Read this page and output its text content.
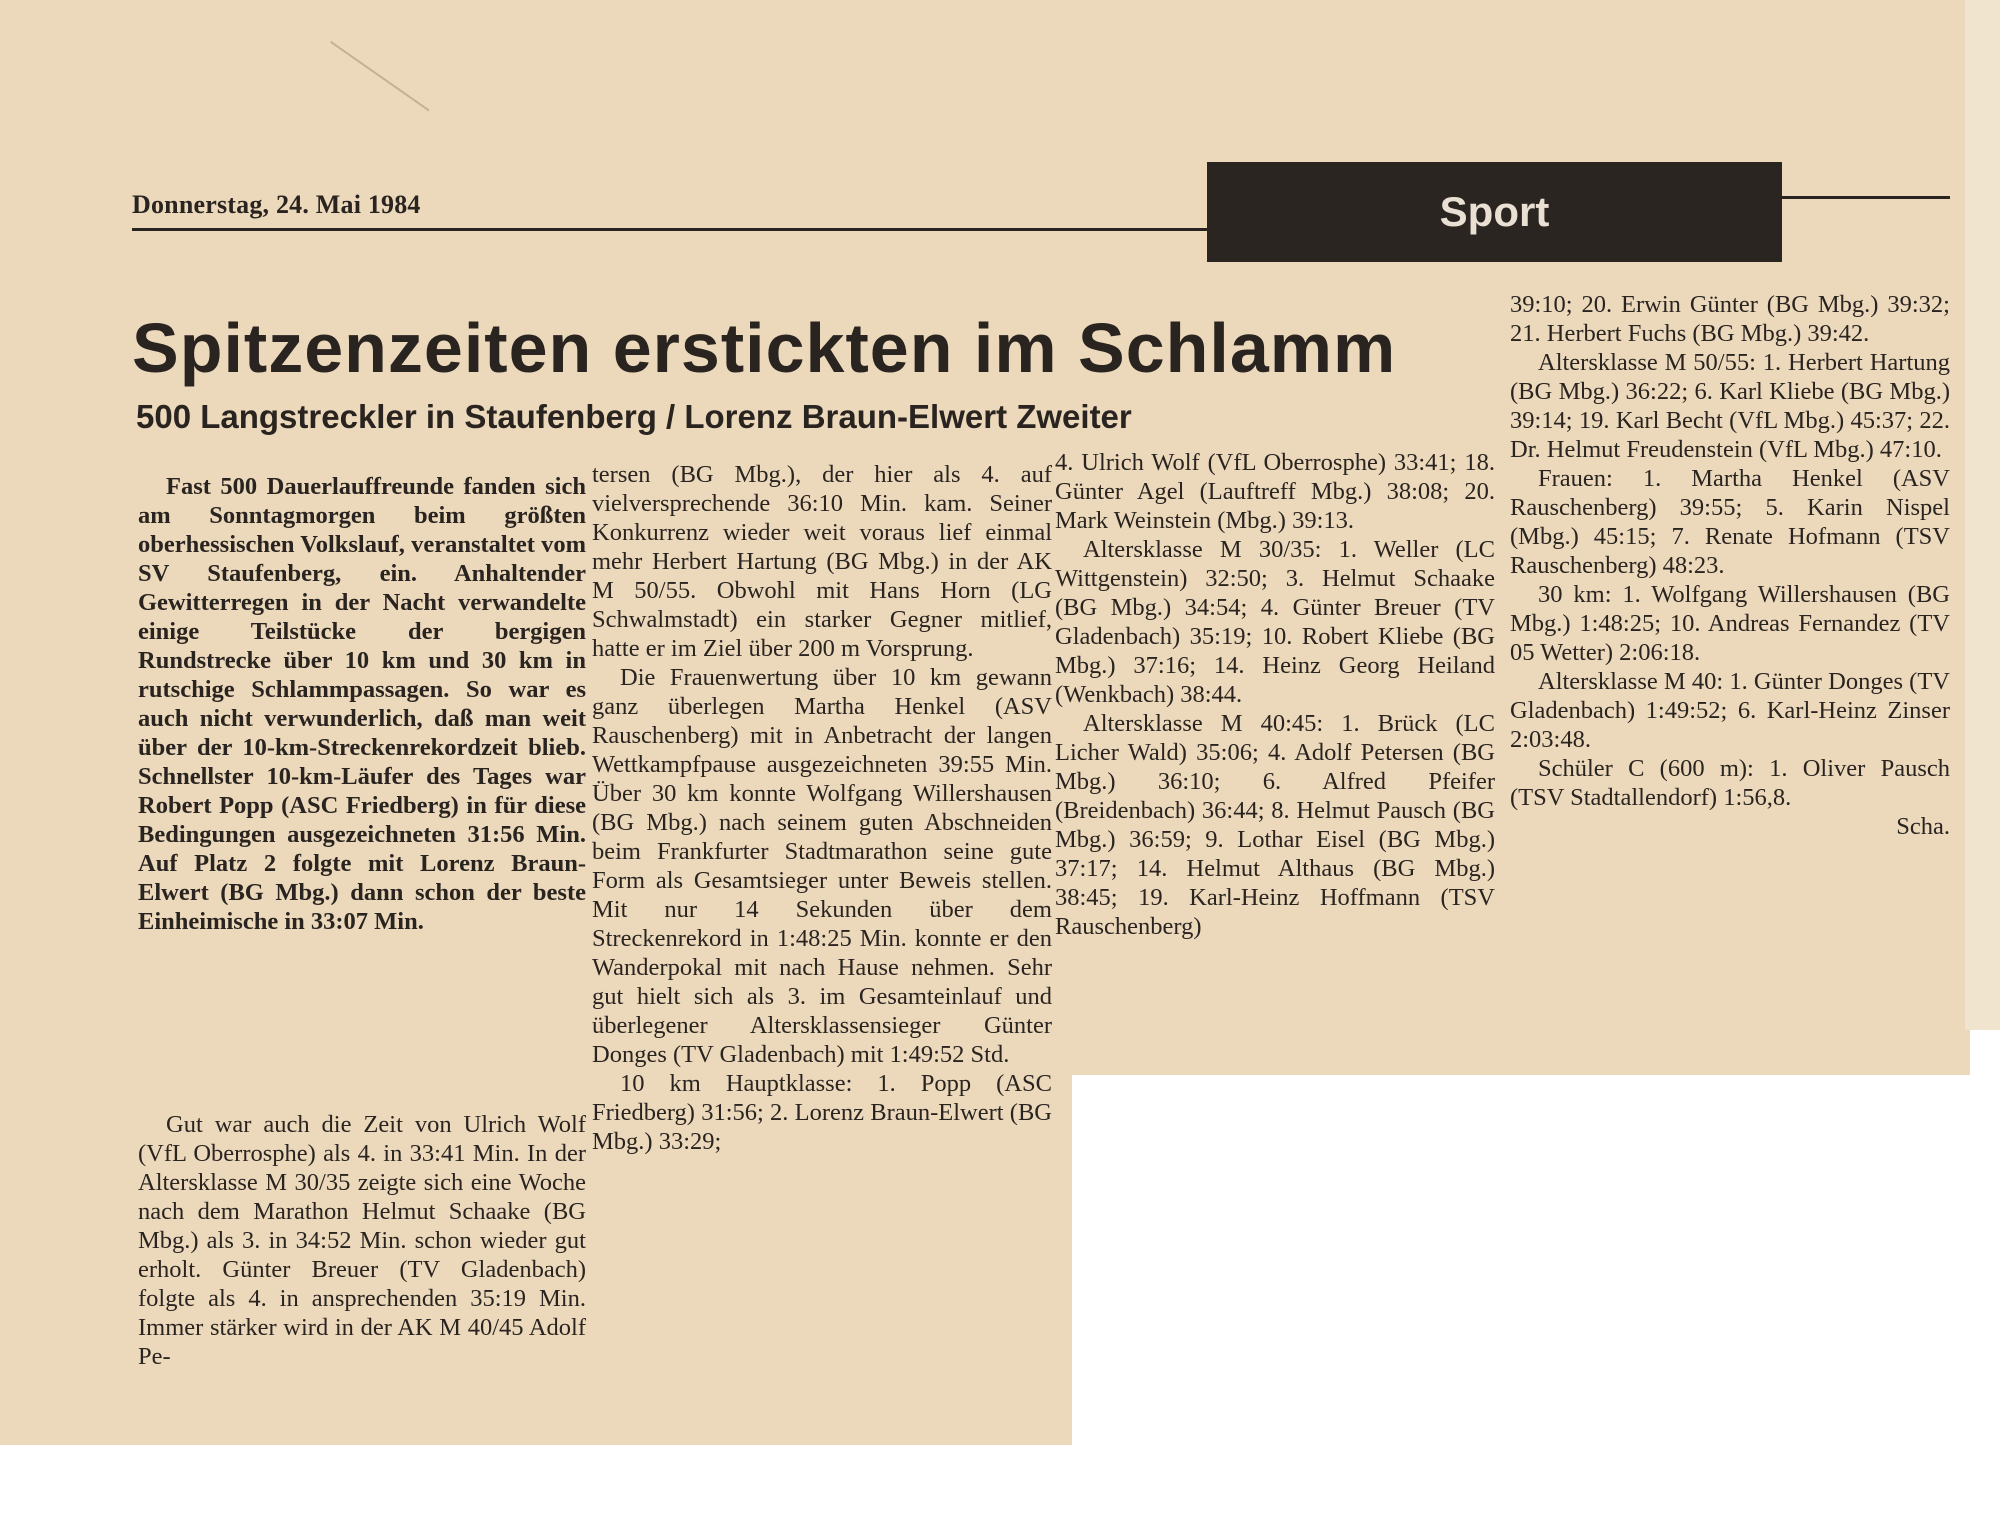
Donnerstag, 24. Mai 1984	Sport
Spitzenzeiten erstickten im Schlamm
500 Langstreckler in Staufenberg / Lorenz Braun-Elwert Zweiter

Fast 500 Dauerlauffreunde fanden sich am Sonntagmorgen beim größten oberhessischen Volkslauf, veranstaltet vom SV Staufenberg, ein. Anhaltender Gewitterregen in der Nacht verwandelte einige Teilstücke der bergigen Rundstrecke über 10 km und 30 km in rutschige Schlammpassagen. So war es auch nicht verwunderlich, daß man weit über der 10-km-Streckenrekordzeit blieb. Schnellster 10-km-Läufer des Tages war Robert Popp (ASC Friedberg) in für diese Bedingungen ausgezeichneten 31:56 Min. Auf Platz 2 folgte mit Lorenz Braun-Elwert (BG Mbg.) dann schon der beste Einheimische in 33:07 Min.

Gut war auch die Zeit von Ulrich Wolf (VfL Oberrosphe) als 4. in 33:41 Min. In der Altersklasse M 30/35 zeigte sich eine Woche nach dem Marathon Helmut Schaake (BG Mbg.) als 3. in 34:52 Min. schon wieder gut erholt. Günter Breuer (TV Gladenbach) folgte als 4. in ansprechenden 35:19 Min. Immer stärker wird in der AK M 40/45 Adolf Pe-

tersen (BG Mbg.), der hier als 4. auf vielversprechende 36:10 Min. kam. Seiner Konkurrenz wieder weit voraus lief einmal mehr Herbert Hartung (BG Mbg.) in der AK M 50/55. Obwohl mit Hans Horn (LG Schwalmstadt) ein starker Gegner mitlief, hatte er im Ziel über 200 m Vorsprung.

Die Frauenwertung über 10 km gewann ganz überlegen Martha Henkel (ASV Rauschenberg) mit in Anbetracht der langen Wettkampfpause ausgezeichneten 39:55 Min. Über 30 km konnte Wolfgang Willershausen (BG Mbg.) nach seinem guten Abschneiden beim Frankfurter Stadtmarathon seine gute Form als Gesamtsieger unter Beweis stellen. Mit nur 14 Sekunden über dem Streckenrekord in 1:48:25 Min. konnte er den Wanderpokal mit nach Hause nehmen. Sehr gut hielt sich als 3. im Gesamteinlauf und überlegener Altersklassensieger Günter Donges (TV Gladenbach) mit 1:49:52 Std.

10 km Hauptklasse: 1. Popp (ASC Friedberg) 31:56; 2. Lorenz Braun-Elwert (BG Mbg.) 33:29;

4. Ulrich Wolf (VfL Oberrosphe) 33:41; 18. Günter Agel (Lauftreff Mbg.) 38:08; 20. Mark Weinstein (Mbg.) 39:13.

Altersklasse M 30/35: 1. Weller (LC Wittgenstein) 32:50; 3. Helmut Schaake (BG Mbg.) 34:54; 4. Günter Breuer (TV Gladenbach) 35:19; 10. Robert Kliebe (BG Mbg.) 37:16; 14. Heinz Georg Heiland (Wenkbach) 38:44.

Altersklasse M 40:45: 1. Brück (LC Licher Wald) 35:06; 4. Adolf Petersen (BG Mbg.) 36:10; 6. Alfred Pfeifer (Breidenbach) 36:44; 8. Helmut Pausch (BG Mbg.) 36:59; 9. Lothar Eisel (BG Mbg.) 37:17; 14. Helmut Althaus (BG Mbg.) 38:45; 19. Karl-Heinz Hoffmann (TSV Rauschenberg)

39:10; 20. Erwin Günter (BG Mbg.) 39:32; 21. Herbert Fuchs (BG Mbg.) 39:42.

Altersklasse M 50/55: 1. Herbert Hartung (BG Mbg.) 36:22; 6. Karl Kliebe (BG Mbg.) 39:14; 19. Karl Becht (VfL Mbg.) 45:37; 22. Dr. Helmut Freudenstein (VfL Mbg.) 47:10.

Frauen: 1. Martha Henkel (ASV Rauschenberg) 39:55; 5. Karin Nispel (Mbg.) 45:15; 7. Renate Hofmann (TSV Rauschenberg) 48:23.

30 km: 1. Wolfgang Willershausen (BG Mbg.) 1:48:25; 10. Andreas Fernandez (TV 05 Wetter) 2:06:18.

Altersklasse M 40: 1. Günter Donges (TV Gladenbach) 1:49:52; 6. Karl-Heinz Zinser 2:03:48.

Schüler C (600 m): 1. Oliver Pausch (TSV Stadtallendorf) 1:56,8.

Scha.
